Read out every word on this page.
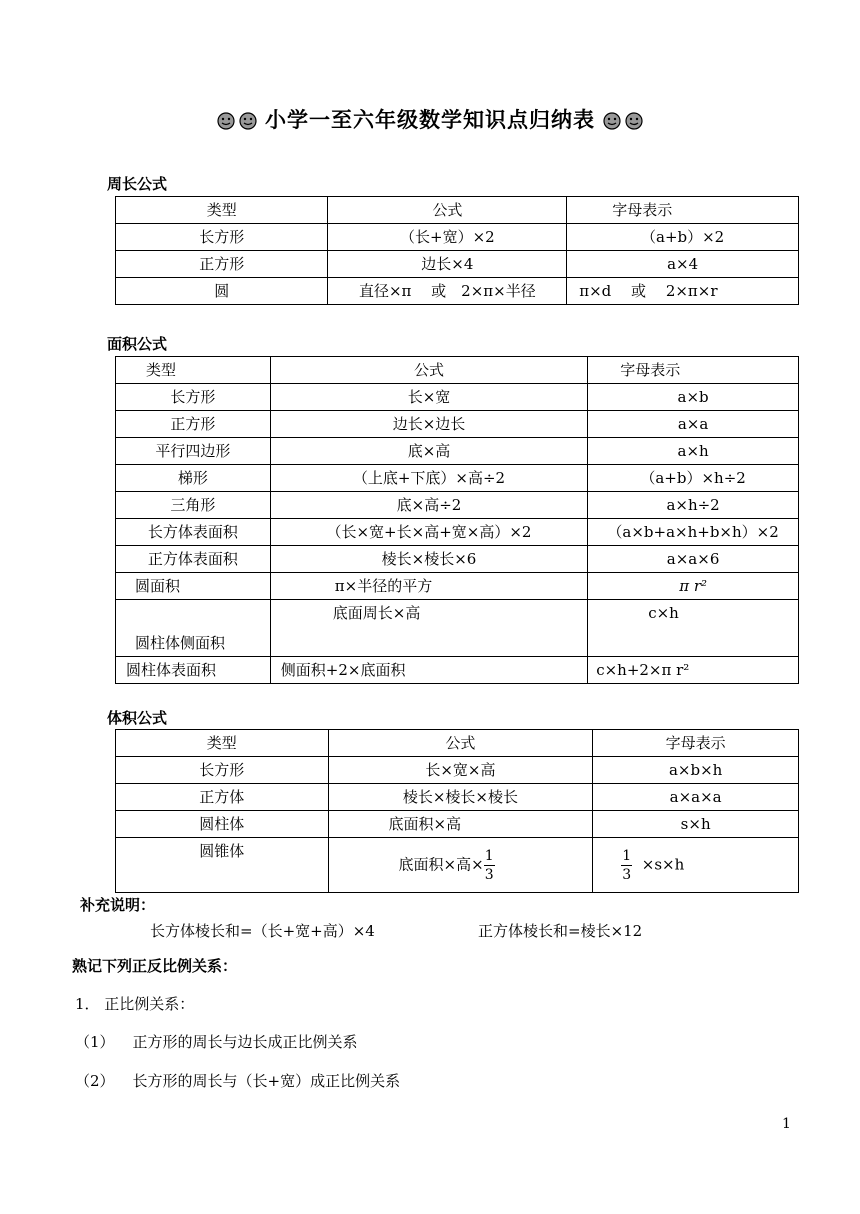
小学一至六年级数学知识点归纳表
周长公式
类型	公式	字母表示
长方形	（长+宽）×2	（a+b）×2
正方形	边长×4	a×4
圆	直径×π　 或　2×π×半径	π×d　 或　 2×π×r
面积公式
类型	公式	字母表示
长方形	长×宽	a×b
正方形	边长×边长	a×a
平行四边形	底×高	a×h
梯形	（上底+下底）×高÷2	（a+b）×h÷2
三角形	底×高÷2	a×h÷2
长方体表面积	（长×宽+长×高+宽×高）×2	（a×b+a×h+b×h）×2
正方体表面积	棱长×棱长×6	a×a×6
圆面积	π×半径的平方	π r²
圆柱体侧面积	底面周长×高	c×h
圆柱体表面积	侧面积+2×底面积	c×h+2×π r²
体积公式
类型	公式	字母表示
长方形	长×宽×高	a×b×h
正方体	棱长×棱长×棱长	a×a×a
圆柱体	底面积×高	s×h
圆锥体	底面积×高× $\frac{1}{3}$	$\frac{1}{3} \times s\times h$
补充说明：
长方体棱长和=（长+宽+高）×4	正方体棱长和=棱长×12
熟记下列正反比例关系：
1． 正比例关系：
（1） 正方形的周长与边长成正比例关系
（2） 长方形的周长与（长+宽）成正比例关系
1
